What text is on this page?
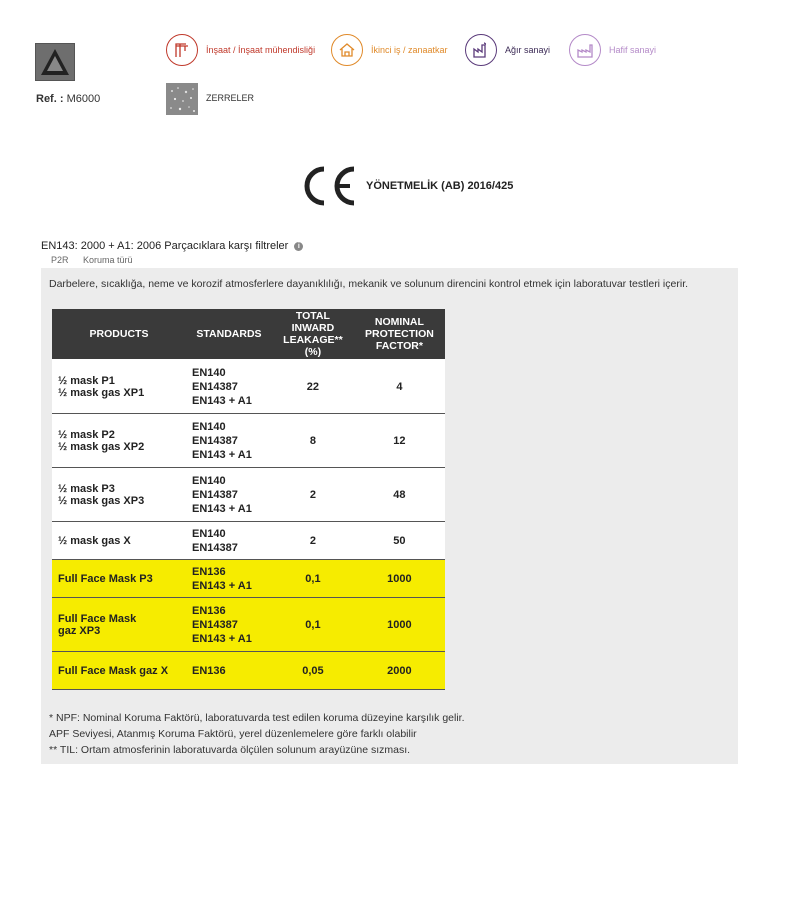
Ref. : M6000
İnşaat / İnşaat mühendisliği	İkinci iş / zanaatkar	Ağır sanayi	Hafif sanayi
ZERRELER
YÖNETMELİK (AB) 2016/425
EN143: 2000 + A1: 2006 Parçacıklara karşı filtreler	i
P2R Koruma türü
Darbelere, sıcaklığa, neme ve korozif atmosferlere dayanıklılığı, mekanik ve solunum direncini kontrol etmek için laboratuvar testleri içerir.
PRODUCTS	STANDARDS	TOTAL INWARD LEAKAGE** (%)	NOMINAL PROTECTION FACTOR*
½ mask P1
½ mask gas XP1	EN140
EN14387
EN143 + A1	22	4
½ mask P2
½ mask gas XP2	EN140
EN14387
EN143 + A1	8	12
½ mask P3
½ mask gas XP3	EN140
EN14387
EN143 + A1	2	48
½ mask gas X	EN140
EN14387	2	50
Full Face Mask P3	EN136
EN143 + A1	0,1	1000
Full Face Mask
gaz XP3	EN136
EN14387
EN143 + A1	0,1	1000
Full Face Mask gaz X	EN136	0,05	2000
* NPF: Nominal Koruma Faktörü, laboratuvarda test edilen koruma düzeyine karşılık gelir.
APF Seviyesi, Atanmış Koruma Faktörü, yerel düzenlemelere göre farklı olabilir
** TIL: Ortam atmosferinin laboratuvarda ölçülen solunum arayüzüne sızması.
